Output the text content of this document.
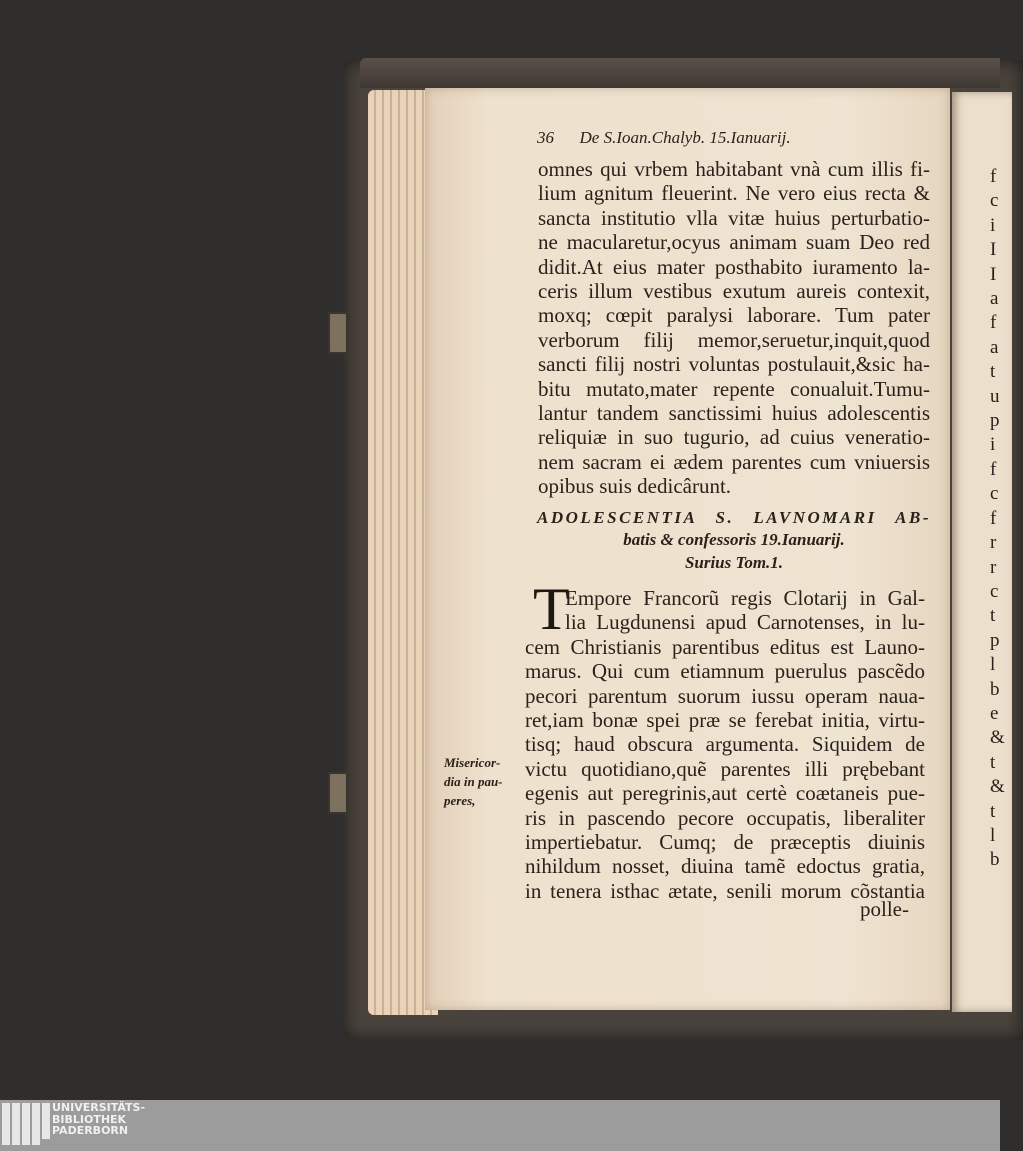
f
c
i
I
I
a
f
a
t
u
p
i
f
c
f
r
r
c
t
p
l
b
e
&
t
&
t
l
b
36 De S.Ioan.Chalyb. 15.Ianuarij.
omnes qui vrbem habitabant vnà cum illis fi-
lium agnitum fleuerint. Ne vero eius recta &
sancta institutio vlla vitæ huius perturbatio-
ne macularetur,ocyus animam suam Deo red
didit.At eius mater posthabito iuramento la-
ceris illum vestibus exutum aureis contexit,
moxq; cœpit paralysi laborare. Tum pater
verborum filij memor,seruetur,inquit,quod
sancti filij nostri voluntas postulauit,&sic ha-
bitu mutato,mater repente conualuit.Tumu-
lantur tandem sanctissimi huius adolescentis
reliquiæ in suo tugurio, ad cuius veneratio-
nem sacram ei ædem parentes cum vniuersis
opibus suis dedicârunt.
ADOLESCENTIA S. LAVNOMARI AB-
batis & confessoris 19.Ianuarij.
Surius Tom.1.
T
Empore Francorũ regis Clotarij in Gal-
lia Lugdunensi apud Carnotenses, in lu-
cem Christianis parentibus editus est Launo-
marus. Qui cum etiamnum puerulus pascẽdo
pecori parentum suorum iussu operam naua-
ret,iam bonæ spei præ se ferebat initia, virtu-
tisq; haud obscura argumenta. Siquidem de
victu quotidiano,quẽ parentes illi prębebant
egenis aut peregrinis,aut certè coætaneis pue-
ris in pascendo pecore occupatis, liberaliter
impertiebatur. Cumq; de præceptis diuinis
nihildum nosset, diuina tamẽ edoctus gratia,
in tenera isthac ætate, senili morum cõstantia
Misericor-
dia in pau-
peres,
polle-
UNIVERSITÄTS-
BIBLIOTHEK
PADERBORN
